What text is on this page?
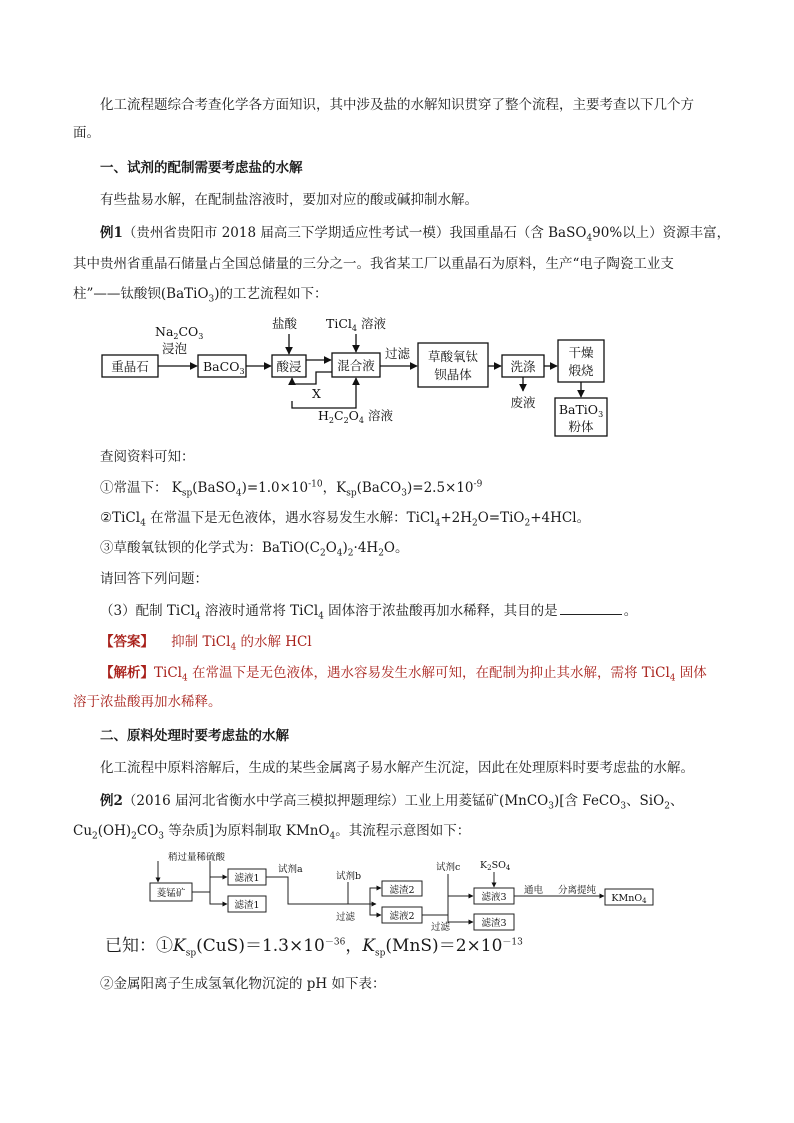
化工流程题综合考查化学各方面知识，其中涉及盐的水解知识贯穿了整个流程，主要考查以下几个方
面。
一、试剂的配制需要考虑盐的水解
有些盐易水解，在配制盐溶液时，要加对应的酸或碱抑制水解。
例1（贵州省贵阳市 2018 届高三下学期适应性考试一模）我国重晶石（含 BaSO$_4$90%以上）资源丰富，
其中贵州省重晶石储量占全国总储量的三分之一。我省某工厂以重晶石为原料，生产“电子陶瓷工业支
柱”——钛酸钡(BaTiO$_3$)的工艺流程如下：
重晶石
$Na_2CO_3$
浸泡
BaCO$_3$
盐酸
酸浸
TiCl$_4$ 溶液
混合液
X
$H_2C_2O_4$ 溶液
过滤 草酸氧钛
钡晶体
洗涤
废液
干燥
煅烧
BaTiO$_3$
粉体
查阅资料可知：
①常温下： $K_{sp}(BaSO_4)=1.0\times 10^{-10}$，$K_{sp}(BaCO_3)=2.5\times 10^{-9}$
②TiCl$_4$ 在常温下是无色液体，遇水容易发生水解：$TiCl_4+2H_2O=TiO_2+4HCl$。
③草酸氧钛钡的化学式为：$BaTiO(C_2O_4)_2\cdot 4H_2O$。
请回答下列问题：
（3）配制 TiCl$_4$ 溶液时通常将 TiCl$_4$ 固体溶于浓盐酸再加水稀释，其目的是	。
【答案】 抑制 TiCl$_4$ 的水解 HCl
【解析】TiCl$_4$ 在常温下是无色液体，遇水容易发生水解可知，在配制为抑止其水解，需将 TiCl$_4$ 固体
溶于浓盐酸再加水稀释。
二、原料处理时要考虑盐的水解
化工流程中原料溶解后，生成的某些金属离子易水解产生沉淀，因此在处理原料时要考虑盐的水解。
例2（2016 届河北省衡水中学高三模拟押题理综）工业上用菱锰矿(MnCO$_3$)[含 FeCO$_3$、SiO$_2$、
$Cu_2(OH)_2CO_3$ 等杂质]为原料制取 KMnO$_4$。其流程示意图如下：
稍过量稀硫酸
菱锰矿
滤液1
滤渣1
试剂a
试剂b
过滤
滤渣2
滤液2
试剂c
过滤
$K_2SO_4$
滤液3
滤渣3
通电 分离提纯
KMnO$_4$
已知：$①K_{sp}(CuS)=1.3\times 10^{-36}$，$K_{sp}(MnS)=2\times 10^{-13}$
②金属阳离子生成氢氧化物沉淀的 pH 如下表：
